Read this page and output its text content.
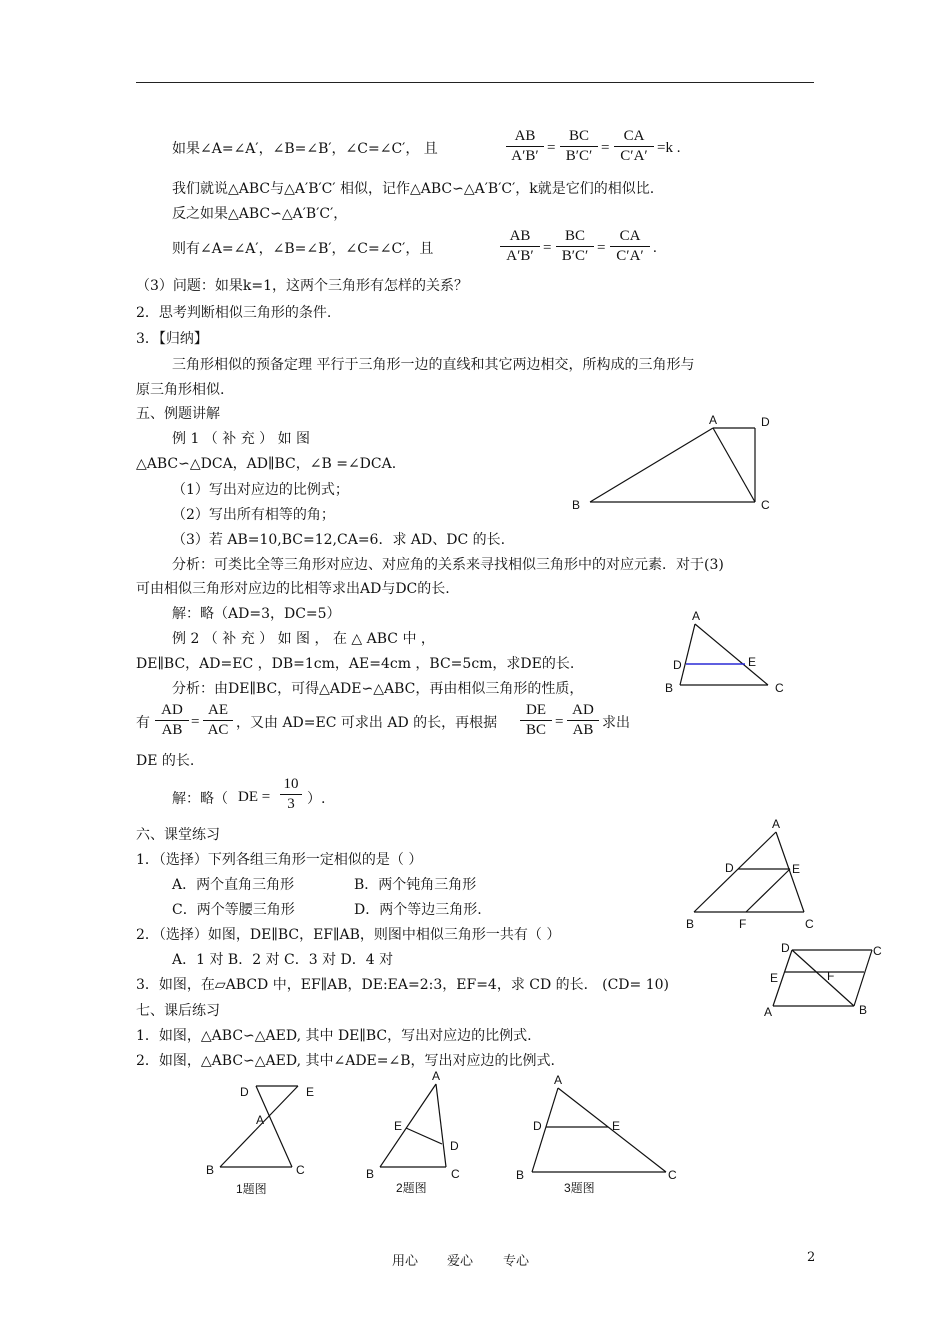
如果∠A=∠A′，∠B=∠B′，∠C=∠C′， 且
AB
A′B′ =
BC
B′C′ =
CA
C′A′ =k .
我们就说△ABC与△A′B′C′ 相似，记作△ABC∽△A′B′C′，k就是它们的相似比.
反之如果△ABC∽△A′B′C′，
则有∠A=∠A′，∠B=∠B′，∠C=∠C′，且
AB
A′B′ =
BC
B′C′ =
CA
C′A′ .
（3）问题：如果k=1，这两个三角形有怎样的关系？
2．思考判断相似三角形的条件.
3．【归纳】
三角形相似的预备定理 平行于三角形一边的直线和其它两边相交，所构成的三角形与
原三角形相似.
五、例题讲解
例 1 （ 补 充 ） 如 图
△ABC∽△DCA，AD∥BC，∠B =∠DCA.
（1）写出对应边的比例式；
（2）写出所有相等的角；
（3）若 AB=10,BC=12,CA=6．求 AD、DC 的长.
分析：可类比全等三角形对应边、对应角的关系来寻找相似三角形中的对应元素．对于(3)
可由相似三角形对应边的比相等求出AD与DC的长.
解：略（AD=3，DC=5）
A	D
B	C
例 2 （ 补 充 ） 如 图 ， 在 △ ABC 中 ，
DE∥BC，AD=EC ，DB=1cm，AE=4cm ，BC=5cm，求DE的长.
分析：由DE∥BC，可得△ADE∽△ABC，再由相似三角形的性质，
有
AD
AB =
AE
AC ，又由 AD=EC 可求出 AD 的长，再根据
DE
BC =
AD
AB 求出
DE 的长.
解：略（ DE =
10
3 ）.
A
D	E
B	C
六、课堂练习
1．（选择）下列各组三角形一定相似的是（ ）
A．两个直角三角形	B．两个钝角三角形
C．两个等腰三角形	D．两个等边三角形.
2．（选择）如图，DE∥BC，EF∥AB，则图中相似三角形一共有（ ）
A．1 对 B．2 对 C．3 对 D．4 对
3．如图，在▱ABCD 中，EF∥AB，DE:EA=2:3，EF=4，求 CD 的长． (CD= 10)
A
D	E
B	F	C
D	C
E	F
A	B
七、课后练习
1．如图，△ABC∽△AED, 其中 DE∥BC，写出对应边的比例式.
2．如图，△ABC∽△AED, 其中∠ADE=∠B，写出对应边的比例式.
D	E
A
B	C
1题图
A
E
D
B	C
2题图
A
D	E
B	C
3题图
用心 爱心 专心	2
